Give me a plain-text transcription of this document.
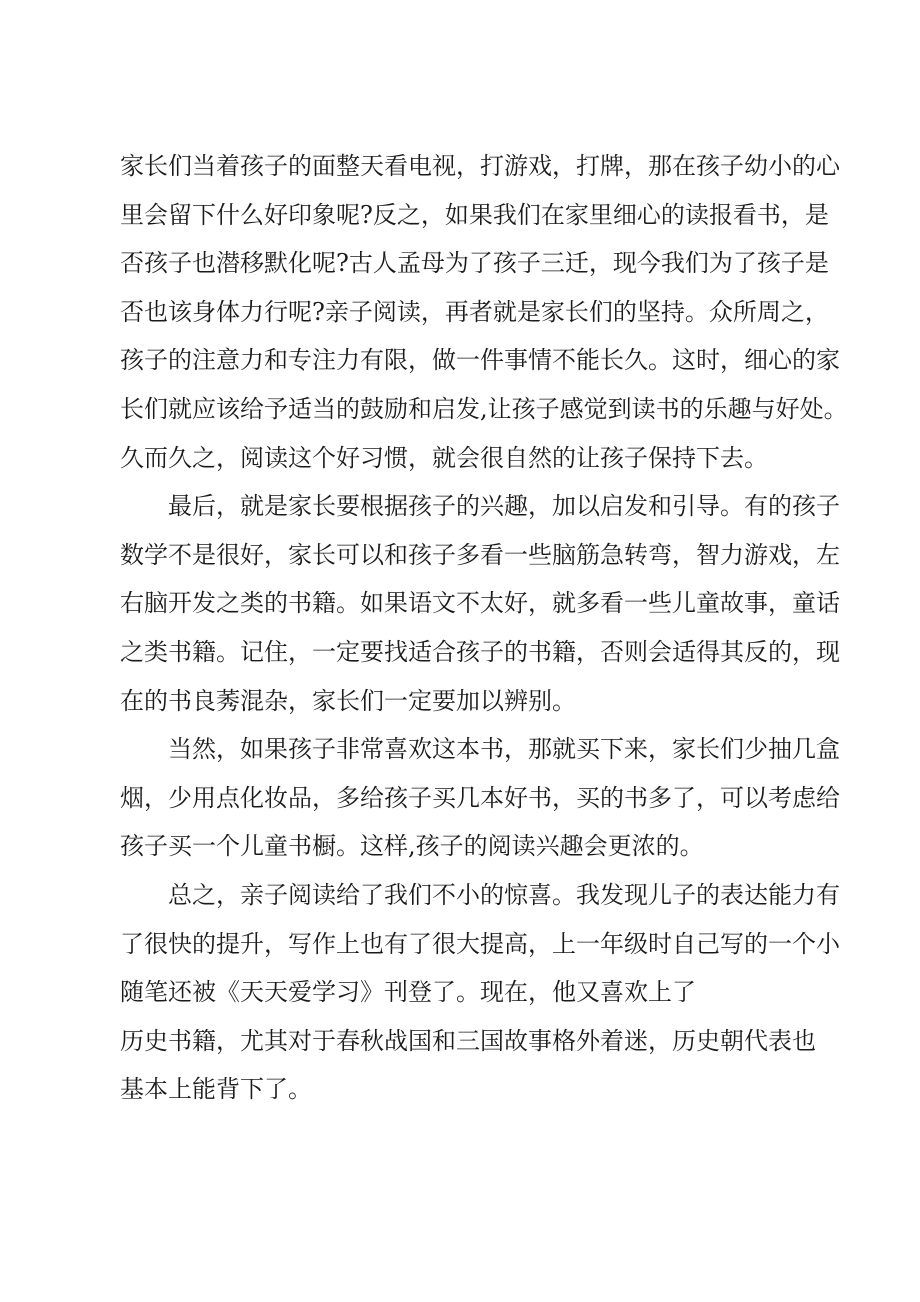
家长们当着孩子的面整天看电视，打游戏，打牌，那在孩子幼小的心
里会留下什么好印象呢?反之，如果我们在家里细心的读报看书，是
否孩子也潜移默化呢?古人孟母为了孩子三迁，现今我们为了孩子是
否也该身体力行呢?亲子阅读，再者就是家长们的坚持。众所周之，
孩子的注意力和专注力有限，做一件事情不能长久。这时，细心的家
长们就应该给予适当的鼓励和启发,让孩子感觉到读书的乐趣与好处。
久而久之，阅读这个好习惯，就会很自然的让孩子保持下去。
最后，就是家长要根据孩子的兴趣，加以启发和引导。有的孩子
数学不是很好，家长可以和孩子多看一些脑筋急转弯，智力游戏，左
右脑开发之类的书籍。如果语文不太好，就多看一些儿童故事，童话
之类书籍。记住，一定要找适合孩子的书籍，否则会适得其反的，现
在的书良莠混杂，家长们一定要加以辨别。
当然，如果孩子非常喜欢这本书，那就买下来，家长们少抽几盒
烟，少用点化妆品，多给孩子买几本好书，买的书多了，可以考虑给
孩子买一个儿童书橱。这样,孩子的阅读兴趣会更浓的。
总之，亲子阅读给了我们不小的惊喜。我发现儿子的表达能力有
了很快的提升，写作上也有了很大提高，上一年级时自己写的一个小
随笔还被《天天爱学习》刊登了。现在，他又喜欢上了
历史书籍，尤其对于春秋战国和三国故事格外着迷，历史朝代表也
基本上能背下了。
